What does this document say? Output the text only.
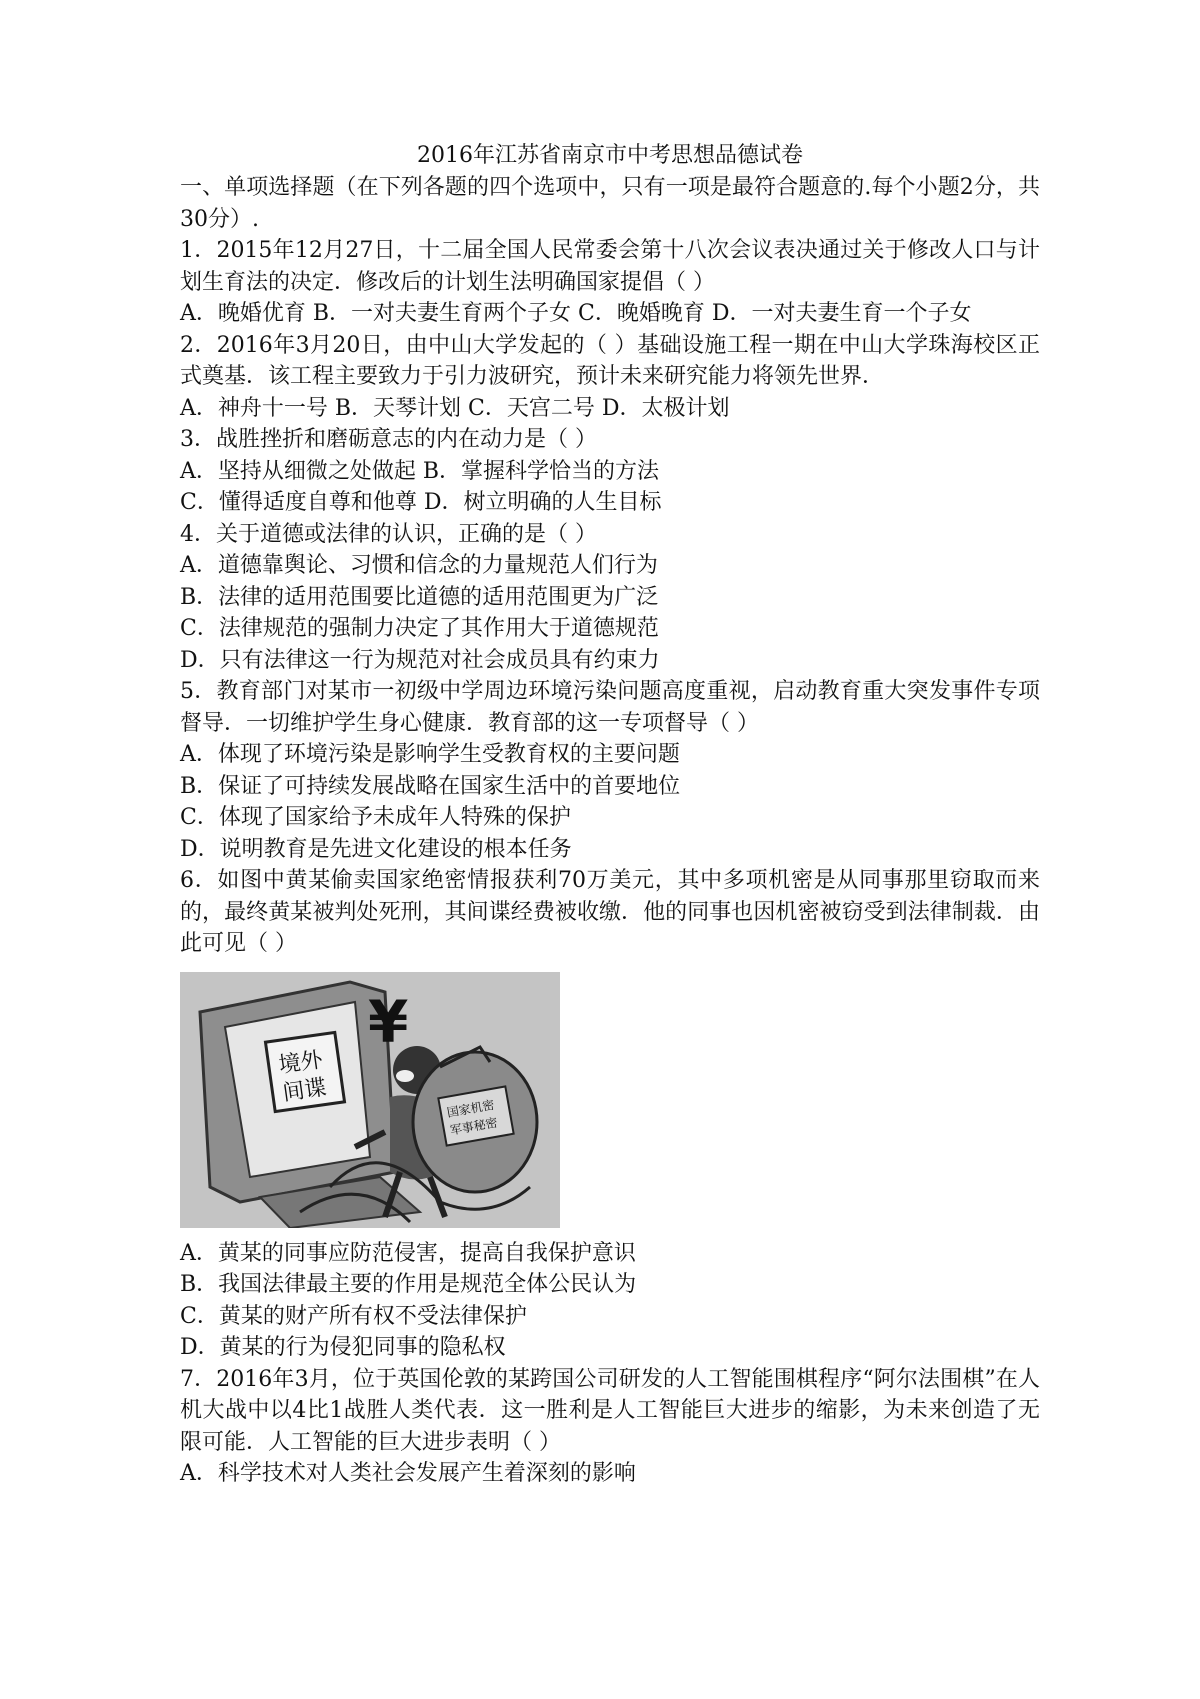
2016年江苏省南京市中考思想品德试卷

一、单项选择题（在下列各题的四个选项中，只有一项是最符合题意的.每个小题2分，共30分）.

1．2015年12月27日，十二届全国人民常委会第十八次会议表决通过关于修改人口与计划生育法的决定．修改后的计划生法明确国家提倡（ ）

A．晚婚优育 B．一对夫妻生育两个子女 C．晚婚晚育 D．一对夫妻生育一个子女

2．2016年3月20日，由中山大学发起的（ ）基础设施工程一期在中山大学珠海校区正式奠基．该工程主要致力于引力波研究，预计未来研究能力将领先世界．

A．神舟十一号 B．天琴计划 C．天宫二号 D．太极计划

3．战胜挫折和磨砺意志的内在动力是（ ）

A．坚持从细微之处做起 B．掌握科学恰当的方法

C．懂得适度自尊和他尊 D．树立明确的人生目标

4．关于道德或法律的认识，正确的是（ ）

A．道德靠舆论、习惯和信念的力量规范人们行为

B．法律的适用范围要比道德的适用范围更为广泛

C．法律规范的强制力决定了其作用大于道德规范

D．只有法律这一行为规范对社会成员具有约束力

5．教育部门对某市一初级中学周边环境污染问题高度重视，启动教育重大突发事件专项督导．一切维护学生身心健康．教育部的这一专项督导（ ）

A．体现了环境污染是影响学生受教育权的主要问题

B．保证了可持续发展战略在国家生活中的首要地位

C．体现了国家给予未成年人特殊的保护

D．说明教育是先进文化建设的根本任务

6．如图中黄某偷卖国家绝密情报获利70万美元，其中多项机密是从同事那里窃取而来的，最终黄某被判处死刑，其间谍经费被收缴．他的同事也因机密被窃受到法律制裁．由此可见（ ）

境外
间谍
¥
国家机密
军事秘密

A．黄某的同事应防范侵害，提高自我保护意识

B．我国法律最主要的作用是规范全体公民认为

C．黄某的财产所有权不受法律保护

D．黄某的行为侵犯同事的隐私权

7．2016年3月，位于英国伦敦的某跨国公司研发的人工智能围棋程序“阿尔法围棋”在人机大战中以4比1战胜人类代表．这一胜利是人工智能巨大进步的缩影，为未来创造了无限可能．人工智能的巨大进步表明（ ）

A．科学技术对人类社会发展产生着深刻的影响
